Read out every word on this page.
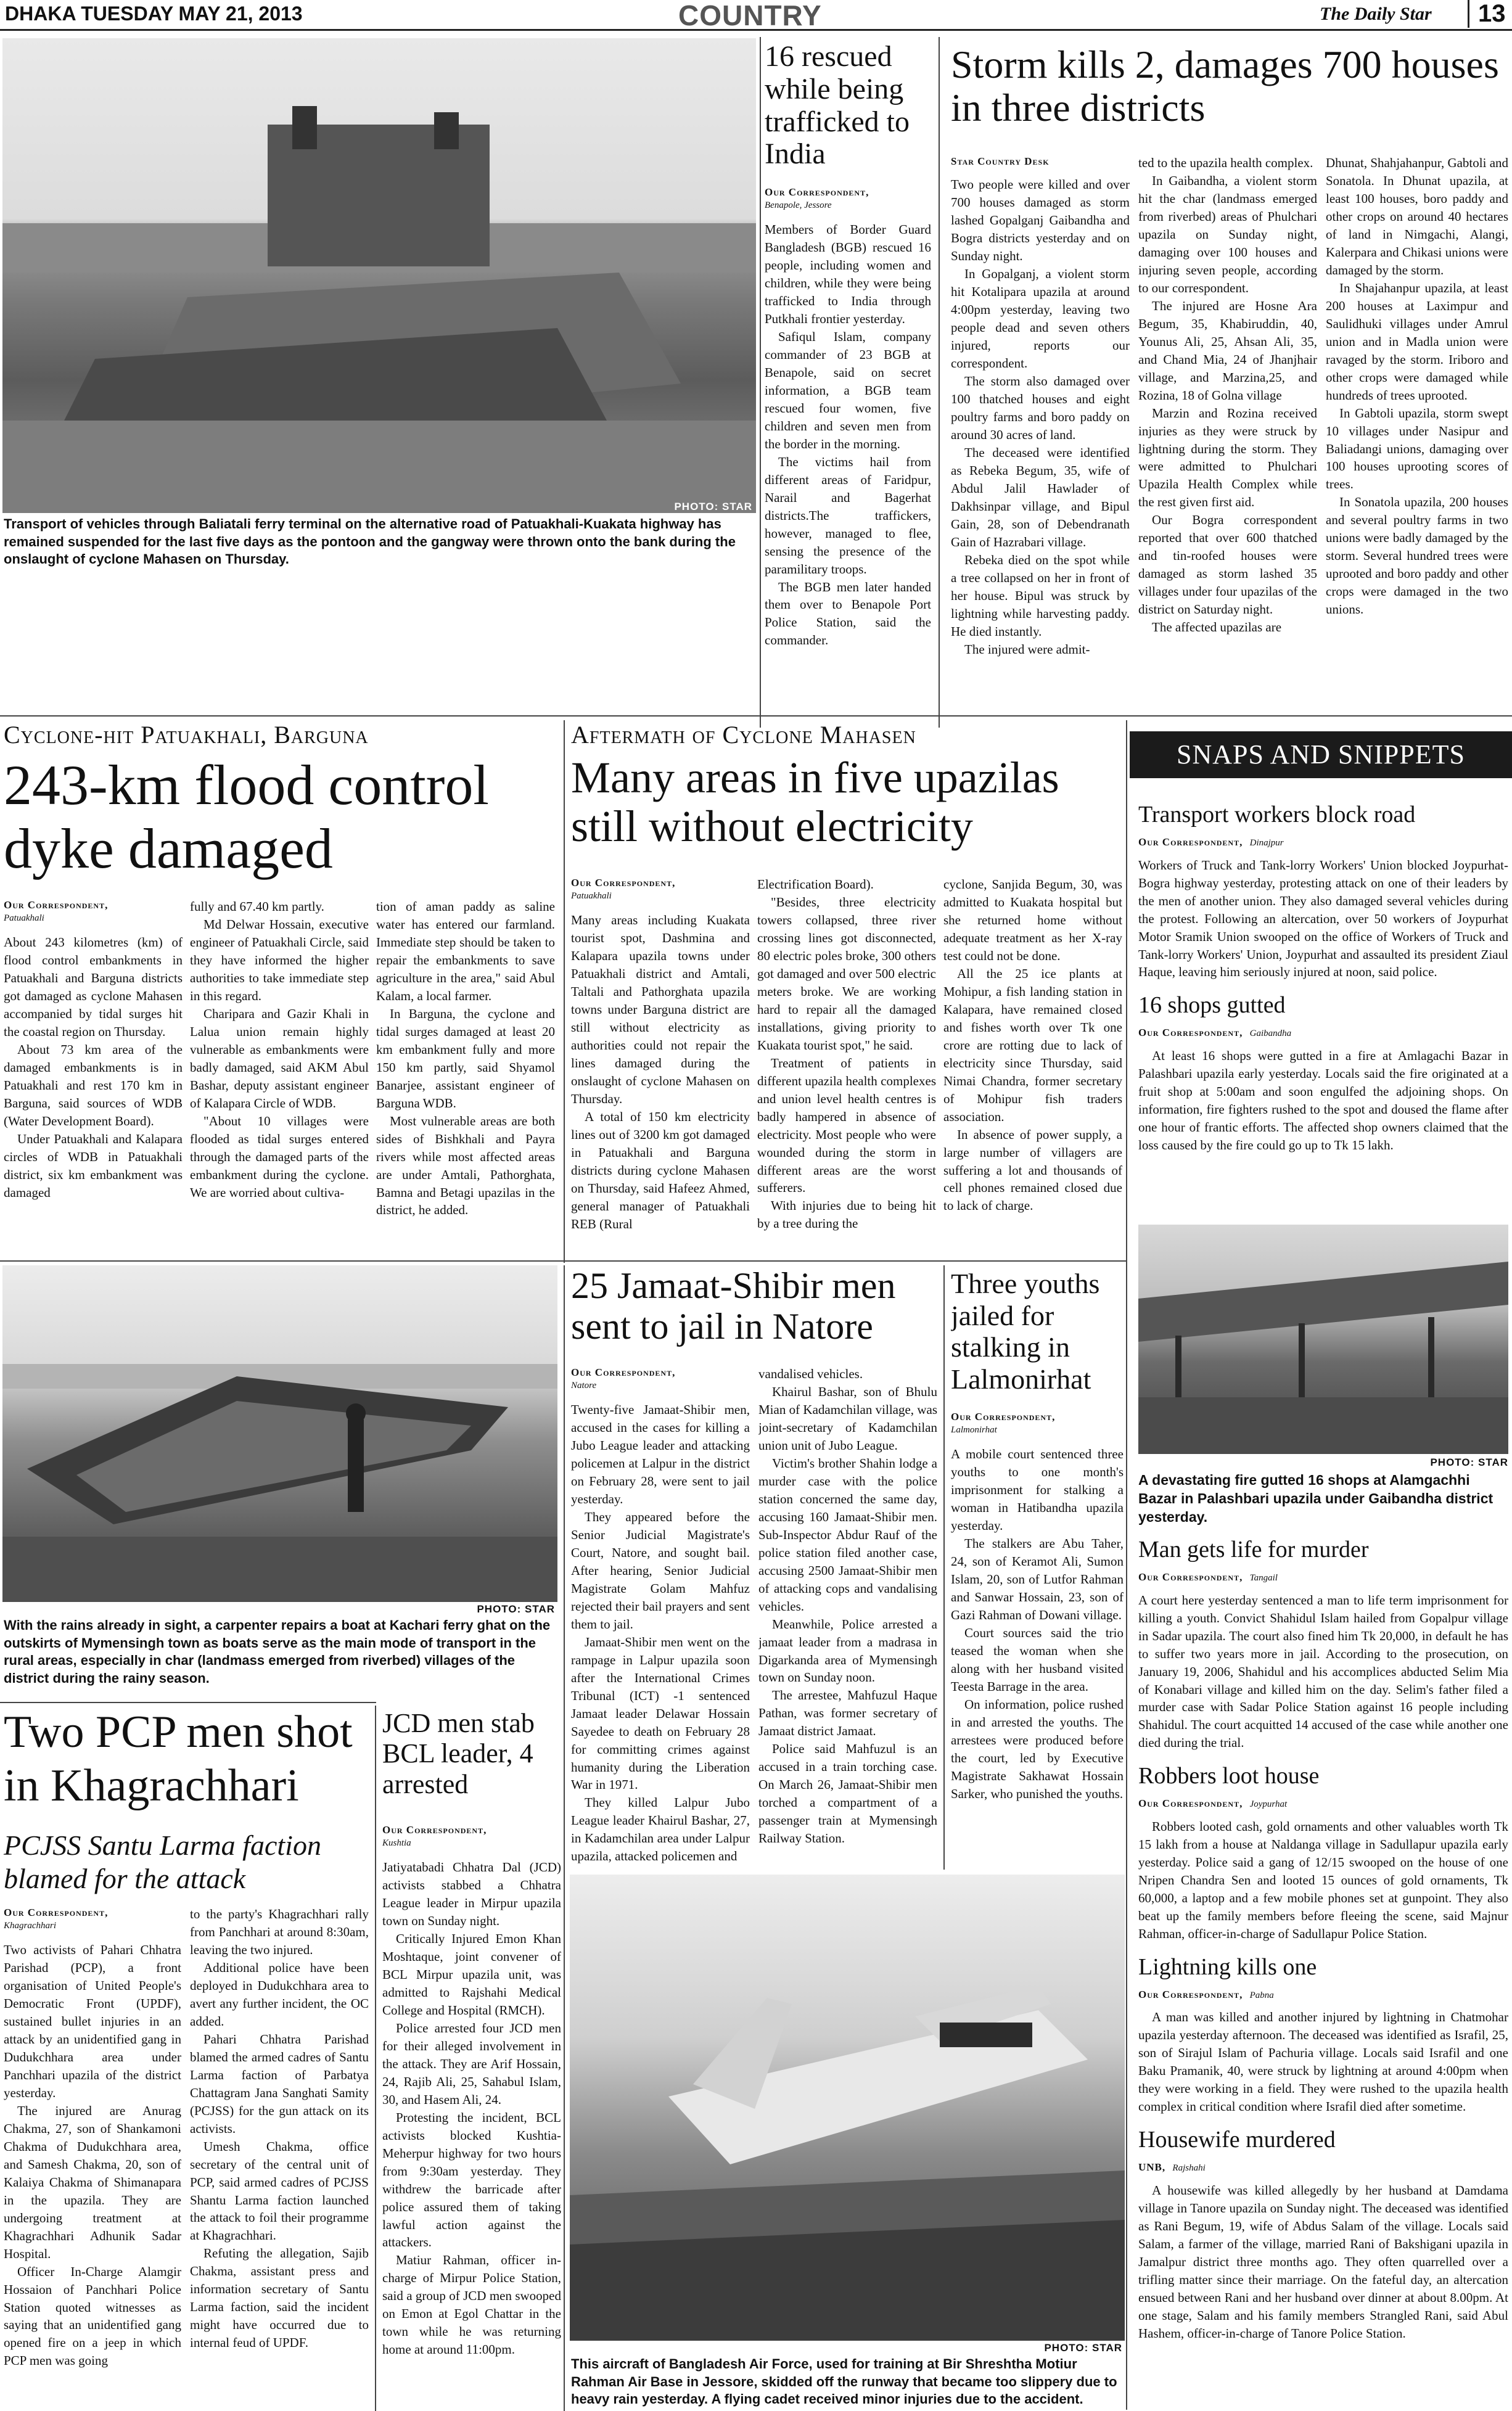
DHAKA TUESDAY MAY 21, 2013	COUNTRY	The Daily Star	13
PHOTO: STAR
Transport of vehicles through Baliatali ferry terminal on the alternative road of Patuakhali-Kuakata highway has remained suspended for the last five days as the pontoon and the gangway were thrown onto the bank during the onslaught of cyclone Mahasen on Thursday.
16 rescued while being trafficked to India
Our Correspondent,
Benapole, Jessore

Members of Border Guard Bangladesh (BGB) rescued 16 people, including women and children, while they were being trafficked to India through Putkhali frontier yesterday.

Safiqul Islam, company commander of 23 BGB at Benapole, said on secret information, a BGB team rescued four women, five children and seven men from the border in the morning.

The victims hail from different areas of Faridpur, Narail and Bagerhat districts.The traffickers, however, managed to flee, sensing the presence of the paramilitary troops.

The BGB men later handed them over to Benapole Port Police Station, said the commander.

Storm kills 2, damages 700 houses in three districts
Star Country Desk

Two people were killed and over 700 houses damaged as storm lashed Gopalganj Gaibandha and Bogra districts yesterday and on Sunday night.

In Gopalganj, a violent storm hit Kotalipara upazila at around 4:00pm yesterday, leaving two people dead and seven others injured, reports our correspondent.

The storm also damaged over 100 thatched houses and eight poultry farms and boro paddy on around 30 acres of land.

The deceased were identified as Rebeka Begum, 35, wife of Abdul Jalil Hawlader of Dakhsinpar village, and Bipul Gain, 28, son of Debendranath Gain of Hazrabari village.

Rebeka died on the spot while a tree collapsed on her in front of her house. Bipul was struck by lightning while harvesting paddy. He died instantly.

The injured were admit-

ted to the upazila health complex.

In Gaibandha, a violent storm hit the char (landmass emerged from riverbed) areas of Phulchari upazila on Sunday night, damaging over 100 houses and injuring seven people, according to our correspondent.

The injured are Hosne Ara Begum, 35, Khabiruddin, 40, Younus Ali, 25, Ahsan Ali, 35, and Chand Mia, 24 of Jhanjhair village, and Marzina,25, and Rozina, 18 of Golna village

Marzin and Rozina received injuries as they were struck by lightning during the storm. They were admitted to Phulchari Upazila Health Complex while the rest given first aid.

Our Bogra correspondent reported that over 600 thatched and tin-roofed houses were damaged as storm lashed 35 villages under four upazilas of the district on Saturday night.

The affected upazilas are

Dhunat, Shahjahanpur, Gabtoli and Sonatola. In Dhunat upazila, at least 100 houses, boro paddy and other crops on around 40 hectares of land in Nimgachi, Alangi, Kalerpara and Chikasi unions were damaged by the storm.

In Shajahanpur upazila, at least 200 houses at Laximpur and Saulidhuki villages under Amrul union and in Madla union were ravaged by the storm. Iriboro and other crops were damaged while hundreds of trees uprooted.

In Gabtoli upazila, storm swept 10 villages under Nasipur and Baliadangi unions, damaging over 100 houses uprooting scores of trees.

In Sonatola upazila, 200 houses and several poultry farms in two unions were badly damaged by the storm. Several hundred trees were uprooted and boro paddy and other crops were damaged in the two unions.

Cyclone-hit Patuakhali, Barguna
243-km flood control dyke damaged
Our Correspondent,
Patuakhali

About 243 kilometres (km) of flood control embankments in Patuakhali and Barguna districts got damaged as cyclone Mahasen accompanied by tidal surges hit the coastal region on Thursday.

About 73 km area of the damaged embankments is in Patuakhali and rest 170 km in Barguna, said sources of WDB (Water Development Board).

Under Patuakhali and Kalapara circles of WDB in Patuakhali district, six km embankment was damaged

fully and 67.40 km partly.

Md Delwar Hossain, executive engineer of Patuakhali Circle, said they have informed the higher authorities to take immediate step in this regard.

Charipara and Gazir Khali in Lalua union remain highly vulnerable as embankments were badly damaged, said AKM Abul Bashar, deputy assistant engineer of Kalapara Circle of WDB.

"About 10 villages were flooded as tidal surges entered through the damaged parts of the embankment during the cyclone. We are worried about cultiva-

tion of aman paddy as saline water has entered our farmland. Immediate step should be taken to repair the embankments to save agriculture in the area," said Abul Kalam, a local farmer.

In Barguna, the cyclone and tidal surges damaged at least 20 km embankment fully and more 150 km partly, said Shyamol Banarjee, assistant engineer of Barguna WDB.

Most vulnerable areas are both sides of Bishkhali and Payra rivers while most affected areas are under Amtali, Pathorghata, Bamna and Betagi upazilas in the district, he added.

Aftermath of Cyclone Mahasen
Many areas in five upazilas still without electricity
Our Correspondent,
Patuakhali

Many areas including Kuakata tourist spot, Dashmina and Kalapara upazila towns under Patuakhali district and Amtali, Taltali and Pathorghata upazila towns under Barguna district are still without electricity as authorities could not repair the lines damaged during the onslaught of cyclone Mahasen on Thursday.

A total of 150 km electricity lines out of 3200 km got damaged in Patuakhali and Barguna districts during cyclone Mahasen on Thursday, said Hafeez Ahmed, general manager of Patuakhali REB (Rural

Electrification Board).

"Besides, three electricity towers collapsed, three river crossing lines got disconnected, 80 electric poles broke, 300 others got damaged and over 500 electric meters broke. We are working hard to repair all the damaged installations, giving priority to Kuakata tourist spot," he said.

Treatment of patients in different upazila health complexes and union level health centres is badly hampered in absence of electricity. Most people who were wounded during the storm in different areas are the worst sufferers.

With injuries due to being hit by a tree during the

cyclone, Sanjida Begum, 30, was admitted to Kuakata hospital but she returned home without adequate treatment as her X-ray test could not be done.

All the 25 ice plants at Mohipur, a fish landing station in Kalapara, have remained closed and fishes worth over Tk one crore are rotting due to lack of electricity since Thursday, said Nimai Chandra, former secretary of Mohipur fish traders association.

In absence of power supply, a large number of villagers are suffering a lot and thousands of cell phones remained closed due to lack of charge.

SNAPS AND SNIPPETS
Transport workers block road
Our Correspondent, Dinajpur

Workers of Truck and Tank-lorry Workers' Union blocked Joypurhat-Bogra highway yesterday, protesting attack on one of their leaders by the men of another union. They also damaged several vehicles during the protest. Following an altercation, over 50 workers of Joypurhat Motor Sramik Union swooped on the office of Workers of Truck and Tank-lorry Workers' Union, Joypurhat and assaulted its president Ziaul Haque, leaving him seriously injured at noon, said police.

16 shops gutted
Our Correspondent, Gaibandha

At least 16 shops were gutted in a fire at Amlagachi Bazar in Palashbari upazila early yesterday. Locals said the fire originated at a fruit shop at 5:00am and soon engulfed the adjoining shops. On information, fire fighters rushed to the spot and doused the flame after one hour of frantic efforts. The affected shop owners claimed that the loss caused by the fire could go up to Tk 15 lakh.

PHOTO: STAR
A devastating fire gutted 16 shops at Alamgachhi Bazar in Palashbari upazila under Gaibandha district yesterday.
Man gets life for murder
Our Correspondent, Tangail

A court here yesterday sentenced a man to life term imprisonment for killing a youth. Convict Shahidul Islam hailed from Gopalpur village in Sadar upazila. The court also fined him Tk 20,000, in default he has to suffer two years more in jail. According to the prosecution, on January 19, 2006, Shahidul and his accomplices abducted Selim Mia of Konabari village and killed him on the day. Selim's father filed a murder case with Sadar Police Station against 16 people including Shahidul. The court acquitted 14 accused of the case while another one died during the trial.

Robbers loot house
Our Correspondent, Joypurhat

Robbers looted cash, gold ornaments and other valuables worth Tk 15 lakh from a house at Naldanga village in Sadullapur upazila early yesterday. Police said a gang of 12/15 swooped on the house of one Nripen Chandra Sen and looted 15 ounces of gold ornaments, Tk 60,000, a laptop and a few mobile phones set at gunpoint. They also beat up the family members before fleeing the scene, said Majnur Rahman, officer-in-charge of Sadullapur Police Station.

Lightning kills one
Our Correspondent, Pabna

A man was killed and another injured by lightning in Chatmohar upazila yesterday afternoon. The deceased was identified as Israfil, 25, son of Sirajul Islam of Pachuria village. Locals said Israfil and one Baku Pramanik, 40, were struck by lightning at around 4:00pm when they were working in a field. They were rushed to the upazila health complex in critical condition where Israfil died after sometime.

Housewife murdered
UNB, Rajshahi

A housewife was killed allegedly by her husband at Damdama village in Tanore upazila on Sunday night. The deceased was identified as Rani Begum, 19, wife of Abdus Salam of the village. Locals said Salam, a farmer of the village, married Rani of Bakshigani upazila in Jamalpur district three months ago. They often quarrelled over a trifling matter since their marriage. On the fateful day, an altercation ensued between Rani and her husband over dinner at about 8.00pm. At one stage, Salam and his family members Strangled Rani, said Abul Hashem, officer-in-charge of Tanore Police Station.

PHOTO: STAR
With the rains already in sight, a carpenter repairs a boat at Kachari ferry ghat on the outskirts of Mymensingh town as boats serve as the main mode of transport in the rural areas, especially in char (landmass emerged from riverbed) villages of the district during the rainy season.
Two PCP men shot in Khagrachhari
PCJSS Santu Larma faction blamed for the attack
Our Correspondent,
Khagrachhari

Two activists of Pahari Chhatra Parishad (PCP), a front organisation of United People's Democratic Front (UPDF), sustained bullet injuries in an attack by an unidentified gang in Dudukchhara area under Panchhari upazila of the district yesterday.

The injured are Anurag Chakma, 27, son of Shankamoni Chakma of Dudukchhara area, and Samesh Chakma, 20, son of Kalaiya Chakma of Shimanapara in the upazila. They are undergoing treatment at Khagrachhari Adhunik Sadar Hospital.

Officer In-Charge Alamgir Hossaion of Panchhari Police Station quoted witnesses as saying that an unidentified gang opened fire on a jeep in which PCP men was going

to the party's Khagrachhari rally from Panchhari at around 8:30am, leaving the two injured.

Additional police have been deployed in Dudukchhara area to avert any further incident, the OC added.

Pahari Chhatra Parishad blamed the armed cadres of Santu Larma faction of Parbatya Chattagram Jana Sanghati Samity (PCJSS) for the gun attack on its activists.

Umesh Chakma, office secretary of the central unit of PCP, said armed cadres of PCJSS Shantu Larma faction launched the attack to foil their programme at Khagrachhari.

Refuting the allegation, Sajib Chakma, assistant press and information secretary of Santu Larma faction, said the incident might have occurred due to internal feud of UPDF.

JCD men stab BCL leader, 4 arrested
Our Correspondent,
Kushtia

Jatiyatabadi Chhatra Dal (JCD) activists stabbed a Chhatra League leader in Mirpur upazila town on Sunday night.

Critically Injured Emon Khan Moshtaque, joint convener of BCL Mirpur upazila unit, was admitted to Rajshahi Medical College and Hospital (RMCH).

Police arrested four JCD men for their alleged involvement in the attack. They are Arif Hossain, 24, Rajib Ali, 25, Sahabul Islam, 30, and Hasem Ali, 24.

Protesting the incident, BCL activists blocked Kushtia-Meherpur highway for two hours from 9:30am yesterday. They withdrew the barricade after police assured them of taking lawful action against the attackers.

Matiur Rahman, officer in-charge of Mirpur Police Station, said a group of JCD men swooped on Emon at Egol Chattar in the town while he was returning home at around 11:00pm.

25 Jamaat-Shibir men sent to jail in Natore
Our Correspondent,
Natore

Twenty-five Jamaat-Shibir men, accused in the cases for killing a Jubo League leader and attacking policemen at Lalpur in the district on February 28, were sent to jail yesterday.

They appeared before the Senior Judicial Magistrate's Court, Natore, and sought bail. After hearing, Senior Judicial Magistrate Golam Mahfuz rejected their bail prayers and sent them to jail.

Jamaat-Shibir men went on the rampage in Lalpur upazila soon after the International Crimes Tribunal (ICT) -1 sentenced Jamaat leader Delawar Hossain Sayedee to death on February 28 for committing crimes against humanity during the Liberation War in 1971.

They killed Lalpur Jubo League leader Khairul Bashar, 27, in Kadamchilan area under Lalpur upazila, attacked policemen and

vandalised vehicles.

Khairul Bashar, son of Bhulu Mian of Kadamchilan village, was joint-secretary of Kadamchilan union unit of Jubo League.

Victim's brother Shahin lodge a murder case with the police station concerned the same day, accusing 160 Jamaat-Shibir men. Sub-Inspector Abdur Rauf of the police station filed another case, accusing 2500 Jamaat-Shibir men of attacking cops and vandalising vehicles.

Meanwhile, Police arrested a jamaat leader from a madrasa in Digarkanda area of Mymensingh town on Sunday noon.

The arrestee, Mahfuzul Haque Pathan, was former secretary of Jamaat district Jamaat.

Police said Mahfuzul is an accused in a train torching case. On March 26, Jamaat-Shibir men torched a compartment of a passenger train at Mymensingh Railway Station.

Three youths jailed for stalking in Lalmonirhat
Our Correspondent,
Lalmonirhat

A mobile court sentenced three youths to one month's imprisonment for stalking a woman in Hatibandha upazila yesterday.

The stalkers are Abu Taher, 24, son of Keramot Ali, Sumon Islam, 20, son of Lutfor Rahman and Sanwar Hossain, 23, son of Gazi Rahman of Dowani village.

Court sources said the trio teased the woman when she along with her husband visited Teesta Barrage in the area.

On information, police rushed in and arrested the youths. The arrestees were produced before the court, led by Executive Magistrate Sakhawat Hossain Sarker, who punished the youths.

PHOTO: STAR
This aircraft of Bangladesh Air Force, used for training at Bir Shreshtha Motiur Rahman Air Base in Jessore, skidded off the runway that became too slippery due to heavy rain yesterday. A flying cadet received minor injuries due to the accident.
